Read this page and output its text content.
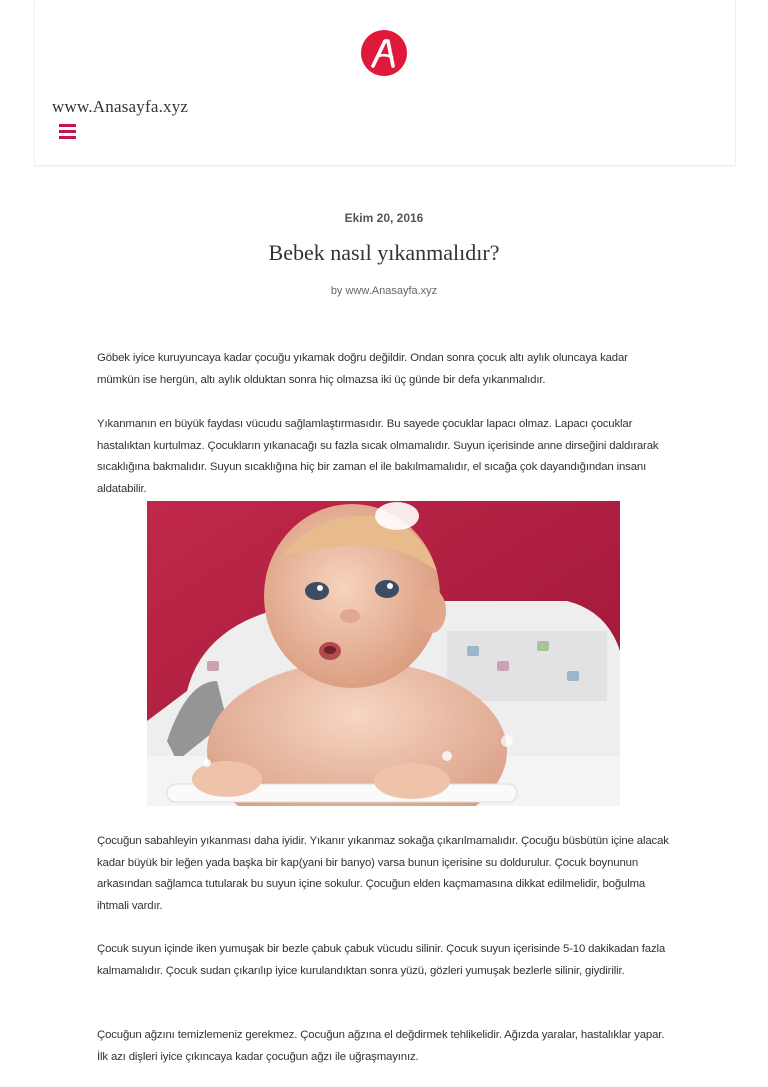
www.Anasayfa.xyz
Ekim 20, 2016
Bebek nasıl yıkanmalıdır?
by www.Anasayfa.xyz

Göbek iyice kuruyuncaya kadar çocuğu yıkamak doğru değildir. Ondan sonra çocuk altı aylık oluncaya kadar mümkün ise hergün, altı aylık olduktan sonra hiç olmazsa iki üç günde bir defa yıkanmalıdır.

Yıkanmanın en büyük faydası vücudu sağlamlaştırmasıdır. Bu sayede çocuklar lapacı olmaz. Lapacı çocuklar hastalıktan kurtulmaz. Çocukların yıkanacağı su fazla sıcak olmamalıdır. Suyun içerisinde anne dirseğini daldırarak sıcaklığına bakmalıdır. Suyun sıcaklığına hiç bir zaman el ile bakılmamalıdır, el sıcağa çok dayandığından insanı aldatabilir.

Çocuğun sabahleyin yıkanması daha iyidir. Yıkanır yıkanmaz sokağa çıkarılmamalıdır. Çocuğu büsbütün içine alacak kadar büyük bir leğen yada başka bir kap(yani bir banyo) varsa bunun içerisine su doldurulur. Çocuk boynunun arkasından sağlamca tutularak bu suyun içine sokulur. Çocuğun elden kaçmamasına dikkat edilmelidir, boğulma ihtmali vardır.

Çocuk suyun içinde iken yumuşak bir bezle çabuk çabuk vücudu silinir. Çocuk suyun içerisinde 5-10 dakikadan fazla kalmamalıdır. Çocuk sudan çıkarılıp iyice kurulandıktan sonra yüzü, gözleri yumuşak bezlerle silinir, giydirilir.

Çocuğun ağzını temizlemeniz gerekmez. Çocuğun ağzına el değdirmek tehlikelidir. Ağızda yaralar, hastalıklar yapar. İlk azı dişleri iyice çıkıncaya kadar çocuğun ağzı ile uğraşmayınız.
